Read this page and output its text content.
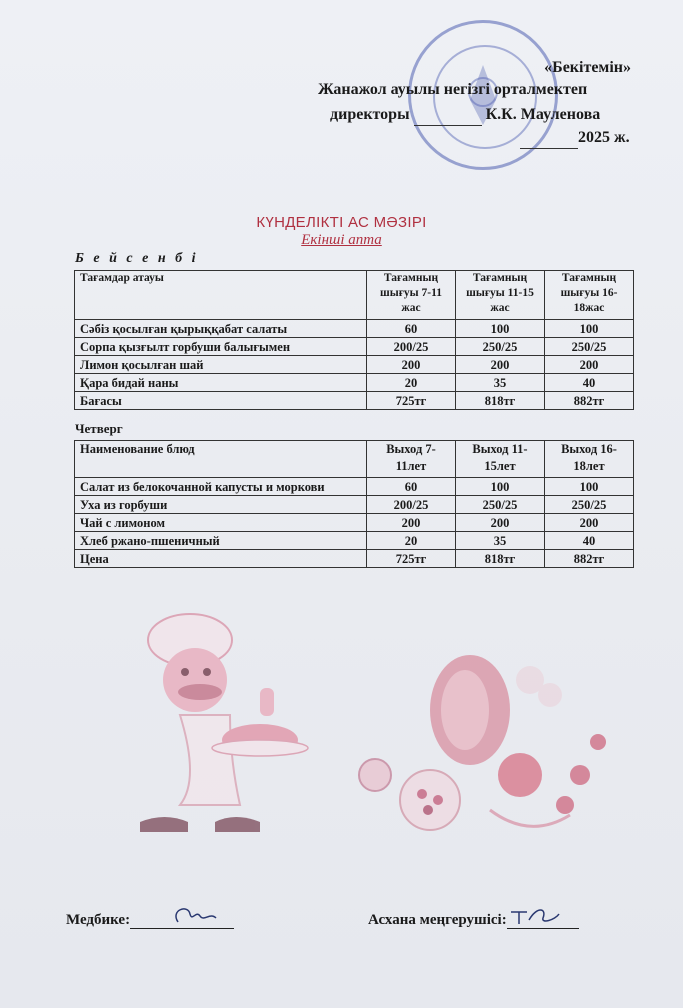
«Бекітемін»
Жанажол ауылы негізгі орталмектеп
директоры	К.К. Мауленова
2025 ж.
КҮНДЕЛІКТІ АС МӘЗІРІ
Екінші апта
Б е й с е н б і
Тағамдар атауы	Тағамның шығуы 7-11 жас	Тағамның шығуы 11-15 жас	Тағамның шығуы 16-18жас
Сәбіз қосылған қырыққабат салаты	60	100	100
Сорпа қызғылт горбуши балығымен	200/25	250/25	250/25
Лимон қосылған шай	200	200	200
Қара бидай наны	20	35	40
Бағасы	725тг	818тг	882тг
Четверг
Наименование блюд	Выход 7-11лет	Выход 11-15лет	Выход 16-18лет
Салат из белокочанной капусты и моркови	60	100	100
Уха из горбуши	200/25	250/25	250/25
Чай с лимоном	200	200	200
Хлеб ржано-пшеничный	20	35	40
Цена	725тг	818тг	882тг
Медбике:	Асхана меңгерушісі:
